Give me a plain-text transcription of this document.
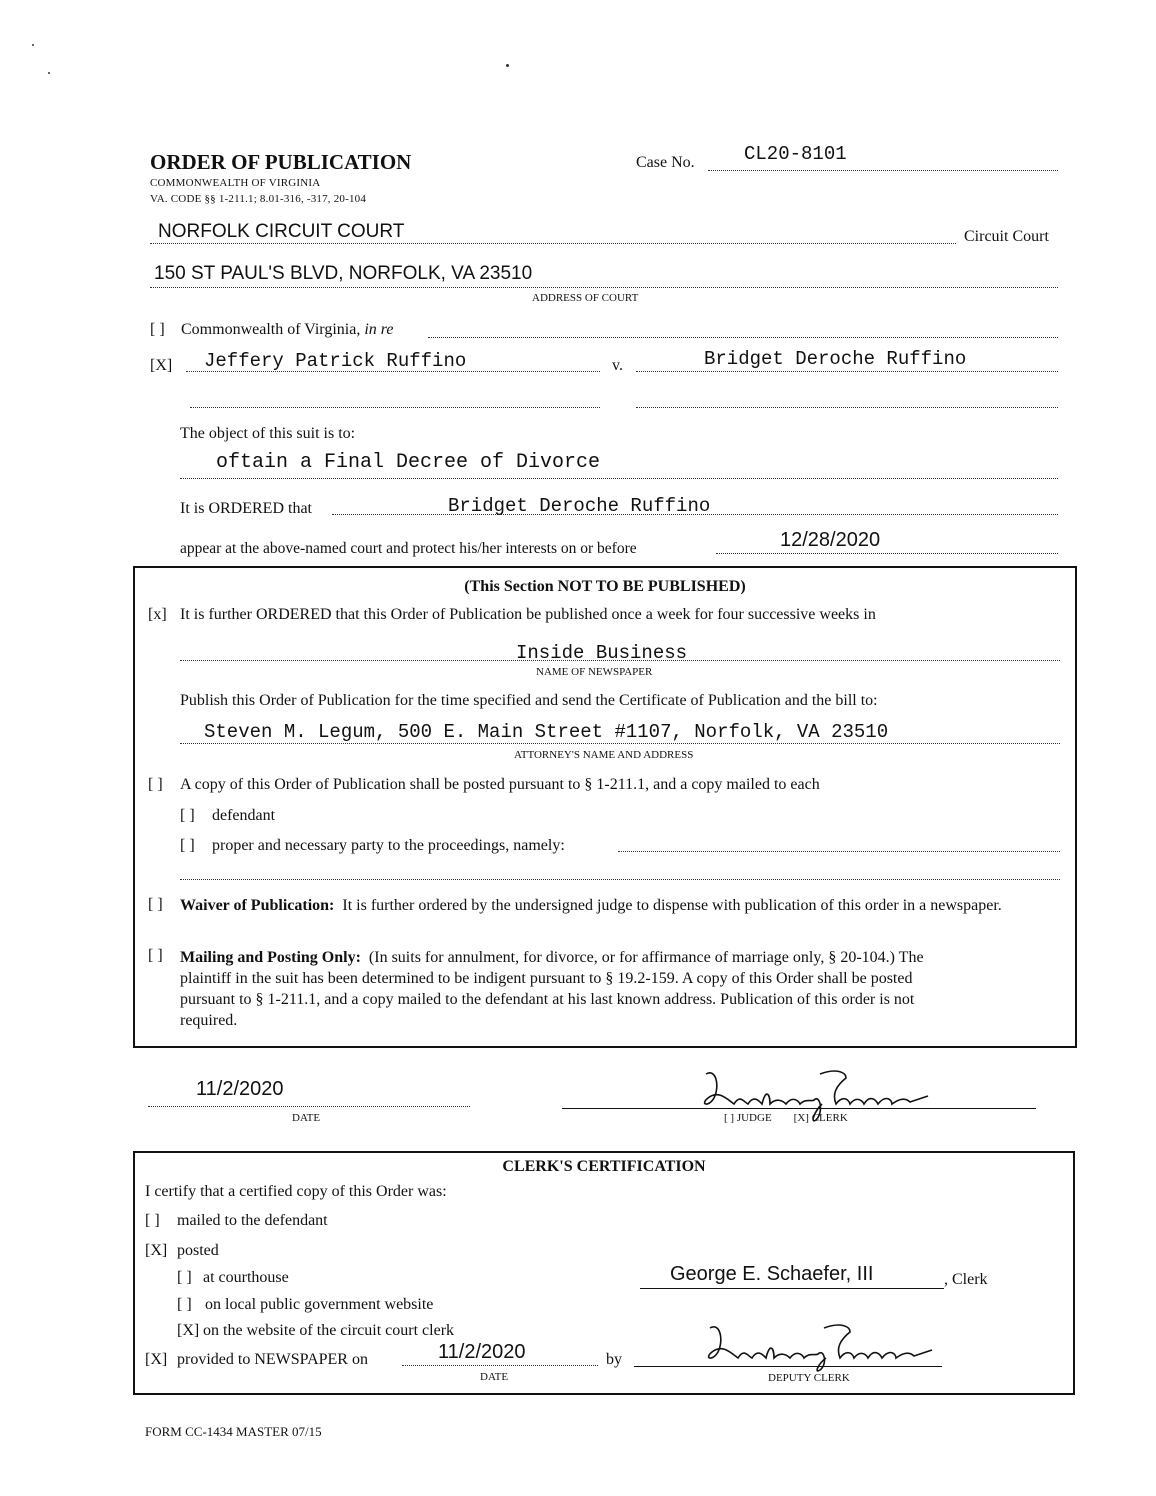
ORDER OF PUBLICATION
COMMONWEALTH OF VIRGINIA
VA. CODE §§ 1-211.1; 8.01-316, -317, 20-104
Case No.	CL20-8101
NORFOLK CIRCUIT COURT	Circuit Court
150 ST PAUL'S BLVD, NORFOLK, VA 23510
ADDRESS OF COURT
[ ] Commonwealth of Virginia, in re
[X] Jeffery Patrick Ruffino	v.	Bridget Deroche Ruffino
The object of this suit is to:
oftain a Final Decree of Divorce
It is ORDERED that	Bridget Deroche Ruffino
appear at the above-named court and protect his/her interests on or before	12/28/2020
(This Section NOT TO BE PUBLISHED)
[x] It is further ORDERED that this Order of Publication be published once a week for four successive weeks in
Inside Business
NAME OF NEWSPAPER
Publish this Order of Publication for the time specified and send the Certificate of Publication and the bill to:
Steven M. Legum, 500 E. Main Street #1107, Norfolk, VA 23510
ATTORNEY'S NAME AND ADDRESS
[ ] A copy of this Order of Publication shall be posted pursuant to § 1-211.1, and a copy mailed to each
[ ] defendant
[ ] proper and necessary party to the proceedings, namely:
[ ] Waiver of Publication: It is further ordered by the undersigned judge to dispense with publication of this order in a newspaper.
[ ] Mailing and Posting Only: (In suits for annulment, for divorce, or for affirmance of marriage only, § 20-104.) The
plaintiff in the suit has been determined to be indigent pursuant to § 19.2-159. A copy of this Order shall be posted
pursuant to § 1-211.1, and a copy mailed to the defendant at his last known address. Publication of this order is not
required.
11/2/2020
DATE	[ ] JUDGE [X] CLERK
CLERK'S CERTIFICATION
I certify that a certified copy of this Order was:
[ ] mailed to the defendant
[X] posted
[ ] at courthouse
[ ] on local public government website
[X] on the website of the circuit court clerk
[X] provided to NEWSPAPER on	11/2/2020
DATE
by
George E. Schaefer, III	, Clerk
DEPUTY CLERK
FORM CC-1434 MASTER 07/15
